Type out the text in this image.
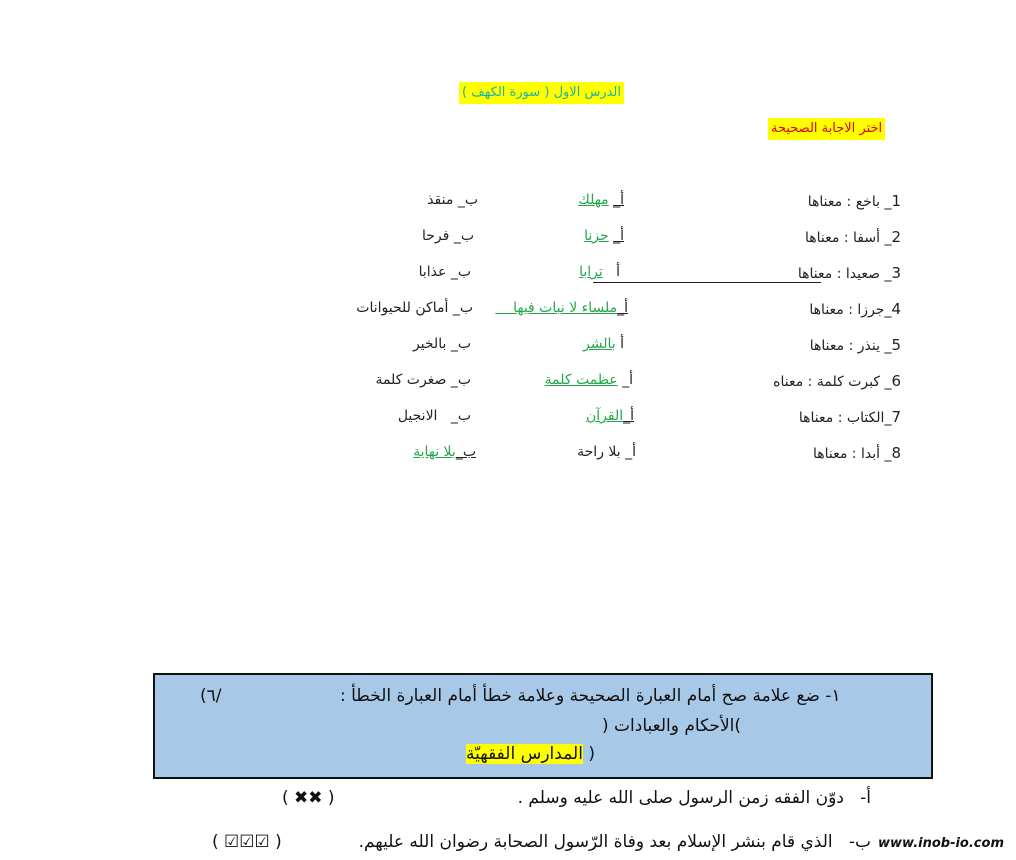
الدرس الاول ( سورة الكهف )
اختر الاجابة الصحيحة
1_ باخع : معناها
أ_ مهلك
ب_ منقذ
2_ أسفا : معناها
أ_ حزنا
ب_ فرحا
3_ صعيدا : معناها
أ   ترابا
ب_ عذابا
4_جرزا : معناها
أ_ملساء لا نبات فيها
ب_ أماكن للحيوانات
5_ ينذر : معناها
أ بالشر
ب_ بالخير
6_ كبرت كلمة : معناه
أ_ عظمت كلمة
ب_ صغرت كلمة
7_الكتاب : معناها
أ_القرآن
ب_   الانجيل
8_ أبدا : معناها
أ_ بلا راحة
ب_بلا نهاية
١- ضع علامة صح أمام العبارة الصحيحة وعلامة خطأ أمام العبارة الخطأ :
(٦/
)الأحكام والعبادات (
المدارس الفقهيّة )
أ-   دوّن الفقه زمن الرسول صلى الله عليه وسلم .
( ✖✖ )
ب-   الذي قام بنشر الإسلام بعد وفاة الرّسول الصحابة رضوان الله عليهم.
( ☑☑☑ )	www.inob-io.com
